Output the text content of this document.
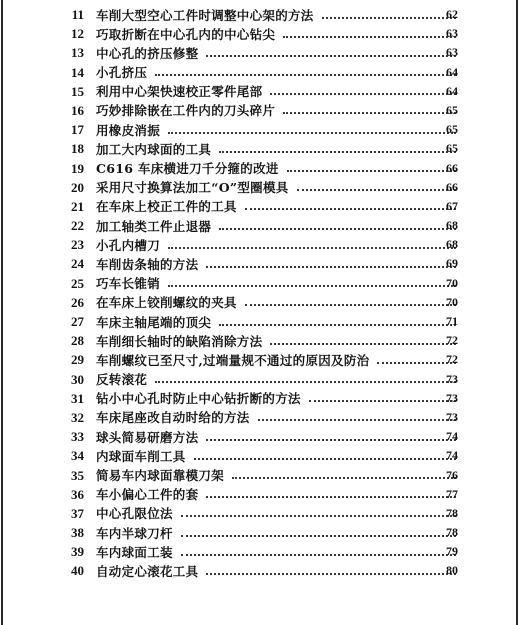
11 车削大型空心工件时调整中心架的方法	62
12 巧取折断在中心孔内的中心钻尖	63
13 中心孔的挤压修整	63
14 小孔挤压	64
15 利用中心架快速校正零件尾部	64
16 巧妙排除嵌在工件内的刀头碎片	65
17 用橡皮消振	65
18 加工大内球面的工具	65
19 C616 车床横进刀千分箍的改进	66
20 采用尺寸换算法加工“O”型圈模具	66
21 在车床上校正工件的工具	67
22 加工轴类工件止退器	68
23 小孔内槽刀	68
24 车削齿条轴的方法	69
25 巧车长锥销	70
26 在车床上铰削螺纹的夹具	70
27 车床主轴尾端的顶尖	71
28 车削细长轴时的缺陷消除方法	72
29 车削螺纹已至尺寸,过端量规不通过的原因及防治	72
30 反转滚花	73
31 钻小中心孔时防止中心钻折断的方法	73
32 车床尾座改自动时给的方法	73
33 球头简易研磨方法	74
34 内球面车削工具	74
35 简易车内球面靠模刀架	76
36 车小偏心工件的套	77
37 中心孔限位法	78
38 车内半球刀杆	78
39 车内球面工装	79
40 自动定心滚花工具	80
